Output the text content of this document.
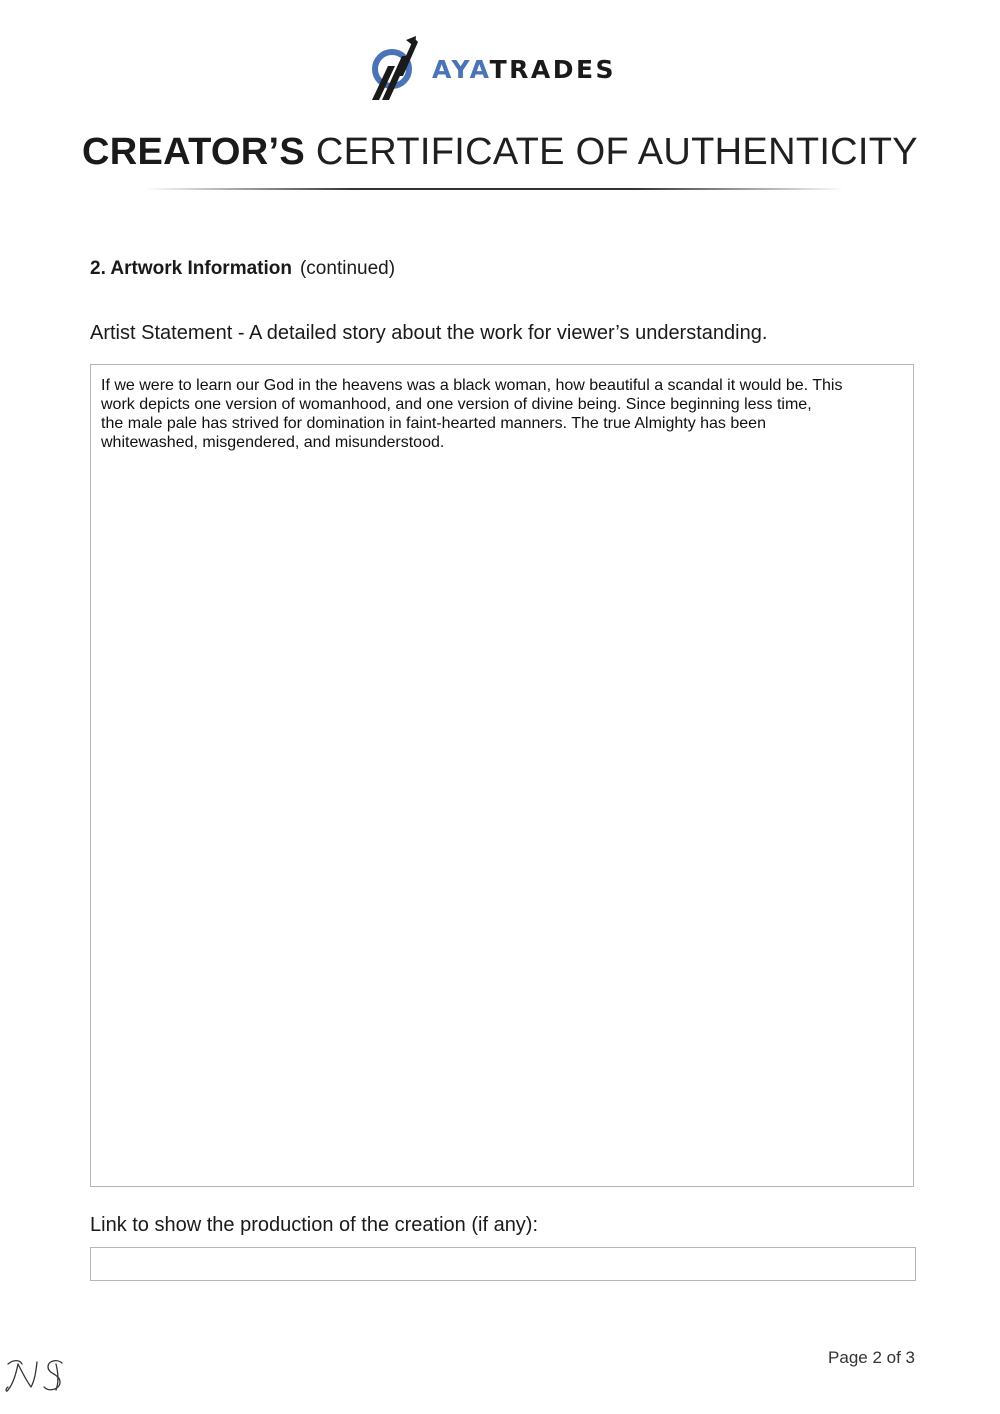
AYATRADES
CREATOR’S CERTIFICATE OF AUTHENTICITY
2. Artwork Information (continued)
Artist Statement - A detailed story about the work for viewer’s understanding.

If we were to learn our God in the heavens was a black woman, how beautiful a scandal it would be. This
work depicts one version of womanhood, and one version of divine being. Since beginning less time,
the male pale has strived for domination in faint-hearted manners. The true Almighty has been
whitewashed, misgendered, and misunderstood.

Link to show the production of the creation (if any):
Page 2 of 3
